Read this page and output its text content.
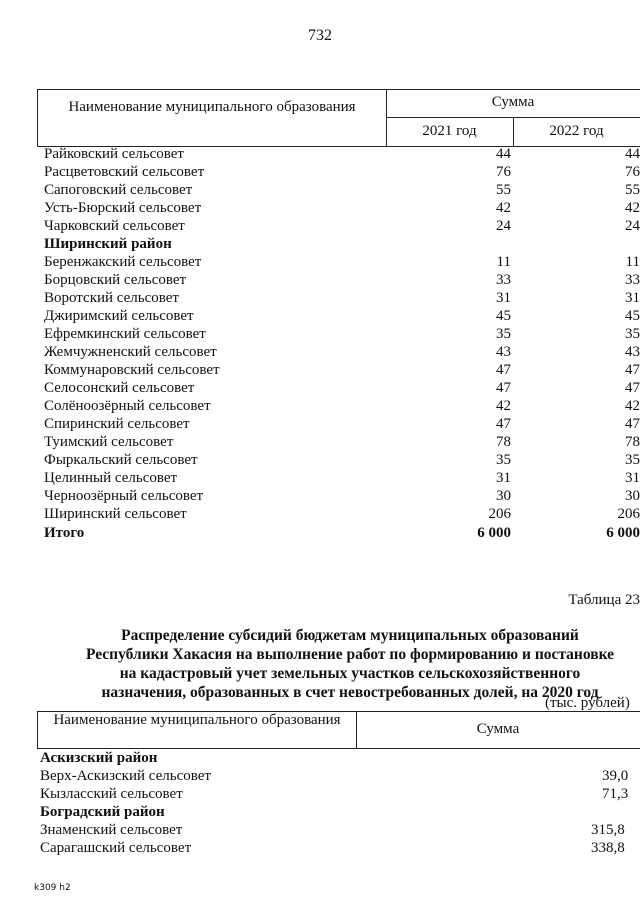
732
Наименование муниципального образования	Сумма
2021 год	2022 год
Райковский сельсовет	44	44
Расцветовский сельсовет	76	76
Сапоговский сельсовет	55	55
Усть-Бюрский сельсовет	42	42
Чарковский сельсовет	24	24
Ширинский район
Беренжакский сельсовет	11	11
Борцовский сельсовет	33	33
Воротский сельсовет	31	31
Джиримский сельсовет	45	45
Ефремкинский сельсовет	35	35
Жемчужненский сельсовет	43	43
Коммунаровский сельсовет	47	47
Селосонский сельсовет	47	47
Солёноозёрный сельсовет	42	42
Спиринский сельсовет	47	47
Туимский сельсовет	78	78
Фыркальский сельсовет	35	35
Целинный сельсовет	31	31
Черноозёрный сельсовет	30	30
Ширинский сельсовет	206	206
Итого	6 000	6 000
Таблица 23
Распределение субсидий бюджетам муниципальных образований
Республики Хакасия на выполнение работ по формированию и постановке
на кадастровый учет земельных участков сельскохозяйственного
назначения, образованных в счет невостребованных долей, на 2020 год
(тыс. рублей)
Наименование муниципального образования
Сумма
Аскизский район
Верх-Аскизский сельсовет	39,0
Кызласский сельсовет	71,3
Боградский район
Знаменский сельсовет	315,8
Сарагашский сельсовет	338,8
k309 h2
